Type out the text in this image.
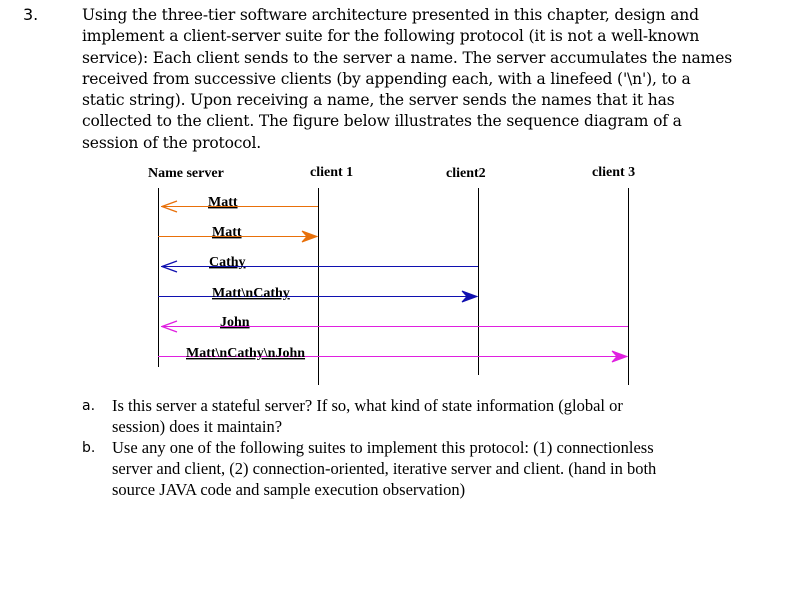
3.	Using the three-tier software architecture presented in this chapter, design and
implement a client-server suite for the following protocol (it is not a well-known
service): Each client sends to the server a name. The server accumulates the names
received from successive clients (by appending each, with a linefeed ('\n'), to a
static string). Upon receiving a name, the server sends the names that it has
collected to the client. The figure below illustrates the sequence diagram of a
session of the protocol.
Name server	client 1	client2	client 3
Matt
Matt
Cathy
Matt\nCathy
John
Matt\nCathy\nJohn
a. Is this server a stateful server? If so, what kind of state information (global or
session) does it maintain?
b. Use any one of the following suites to implement this protocol: (1) connectionless
server and client, (2) connection-oriented, iterative server and client. (hand in both
source JAVA code and sample execution observation)
